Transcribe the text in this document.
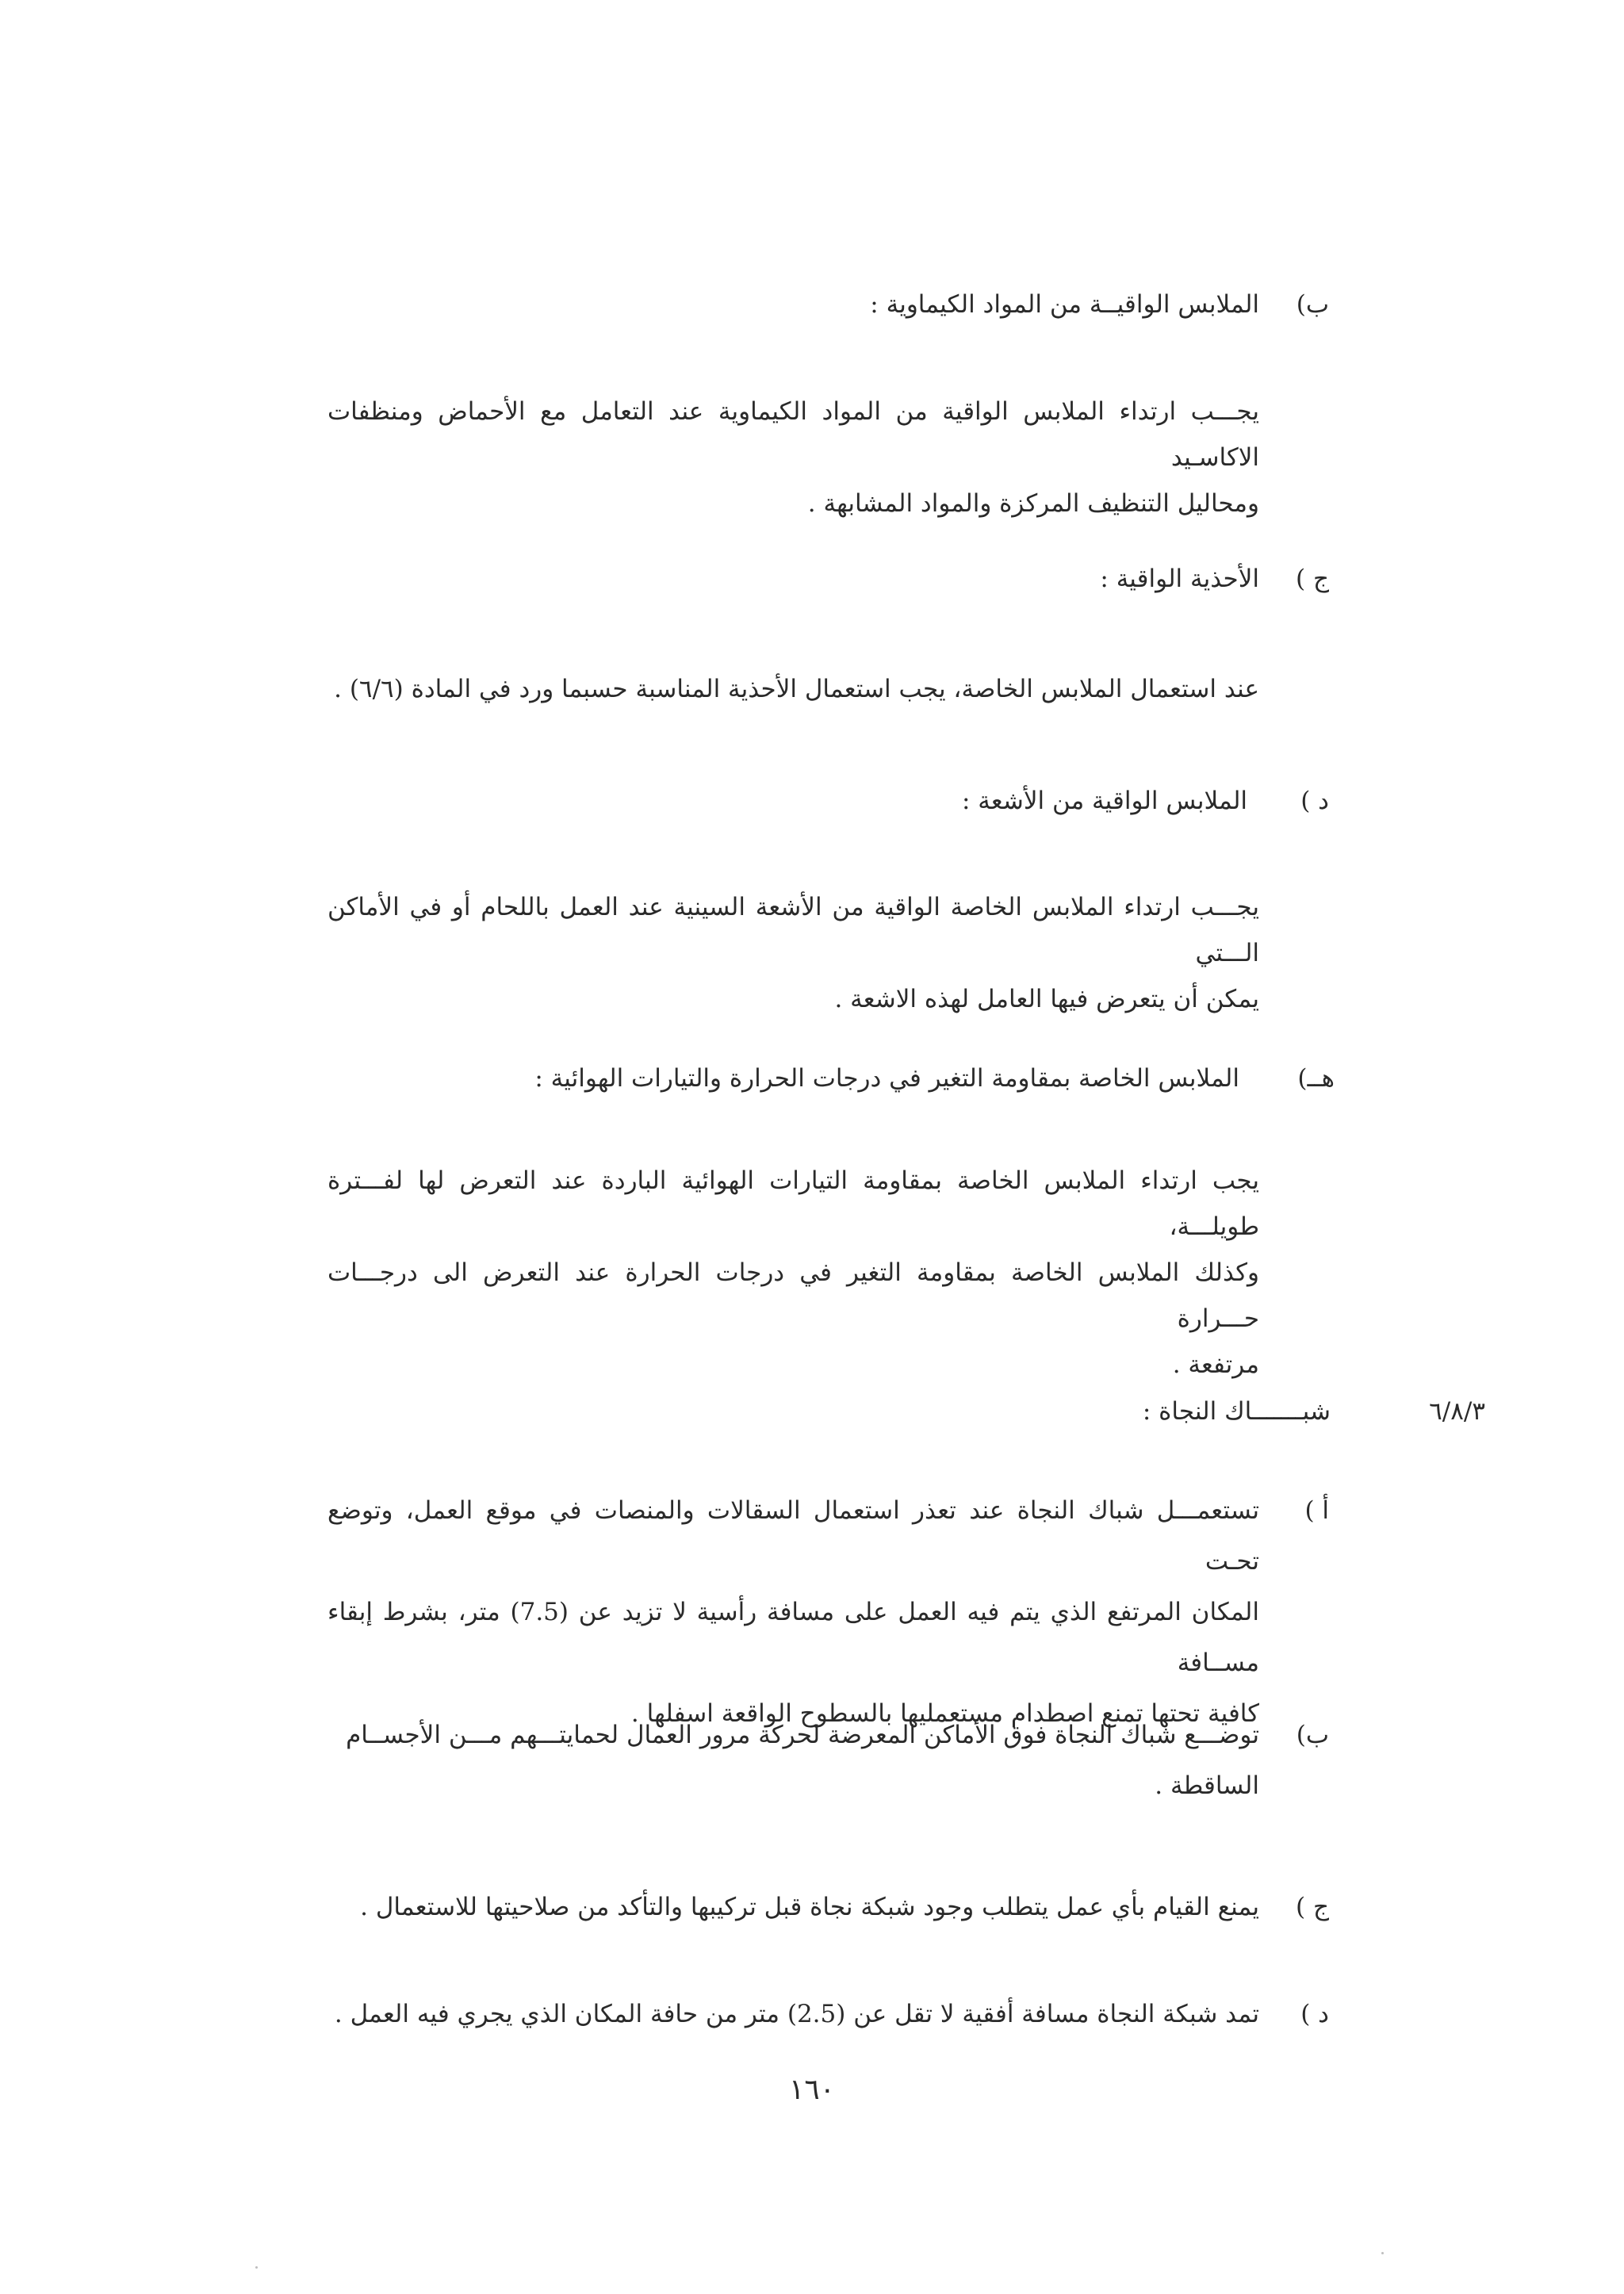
ب)
الملابس الواقيــة من المواد الكيماوية :
يجـــب ارتداء الملابس الواقية من المواد الكيماوية عند التعامل مع الأحماض ومنظفات الاكاسـيد
ومحاليل التنظيف المركزة والمواد المشابهة .
ج )
الأحذية الواقية :
عند استعمال الملابس الخاصة، يجب استعمال الأحذية المناسبة حسبما ورد في المادة (٦/٦) .
د )
الملابس الواقية من الأشعة :
يجـــب ارتداء الملابس الخاصة الواقية من الأشعة السينية عند العمل باللحام أو في الأماكن الـــتي
يمكن أن يتعرض فيها العامل لهذه الاشعة .
هــ)
الملابس الخاصة بمقاومة التغير في درجات الحرارة والتيارات الهوائية :
يجب ارتداء الملابس الخاصة بمقاومة التيارات الهوائية الباردة عند التعرض لها لفـــترة طويلـــة،
وكذلك الملابس الخاصة بمقاومة التغير في درجات الحرارة عند التعرض الى درجـــات حـــرارة
مرتفعة .
٦/٨/٣
شبـــــــاك النجاة :
أ )
تستعمـــل شباك النجاة عند تعذر استعمال السقالات والمنصات في موقع العمل، وتوضع تحـت
المكان المرتفع الذي يتم فيه العمل على مسافة رأسية لا تزيد عن (7.5) متر، بشرط إبقاء مســافة
كافية تحتها تمنع اصطدام مستعمليها بالسطوح الواقعة اسفلها .
ب)
توضـــع شباك النجاة فوق الأماكن المعرضة لحركة مرور العمال لحمايتـــهم مـــن الأجســام
الساقطة .
ج )
يمنع القيام بأي عمل يتطلب وجود شبكة نجاة قبل تركيبها والتأكد من صلاحيتها للاستعمال .
د )
تمد شبكة النجاة مسافة أفقية لا تقل عن (2.5) متر من حافة المكان الذي يجري فيه العمل .
١٦٠
